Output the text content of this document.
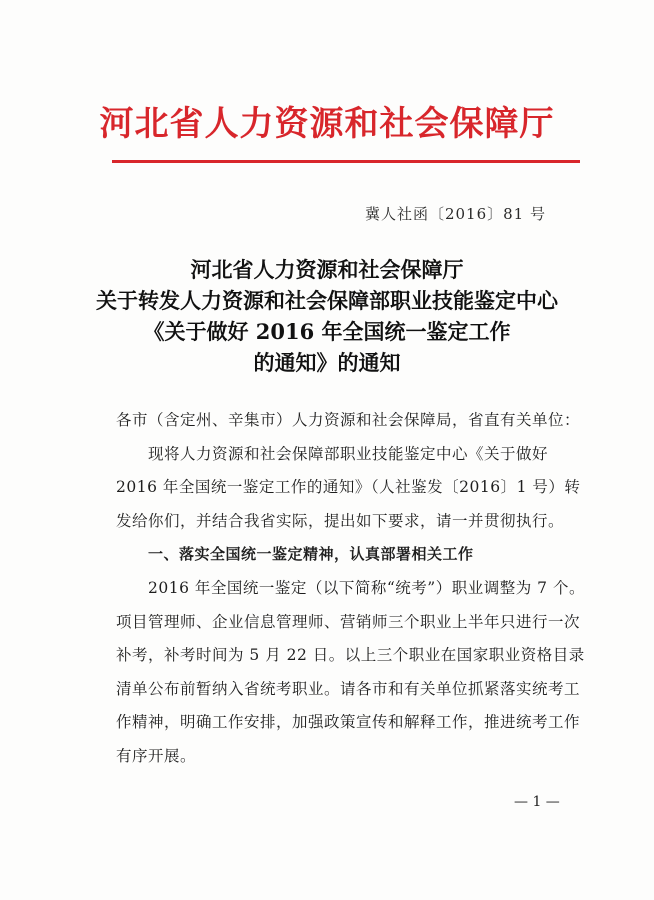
河北省人力资源和社会保障厅
冀人社函〔2016〕81 号
河北省人力资源和社会保障厅
关于转发人力资源和社会保障部职业技能鉴定中心
《关于做好 2016 年全国统一鉴定工作
的通知》的通知

各市（含定州、辛集市）人力资源和社会保障局，省直有关单位：

现将人力资源和社会保障部职业技能鉴定中心《关于做好 2016 年全国统一鉴定工作的通知》（人社鉴发〔2016〕1 号）转发给你们，并结合我省实际，提出如下要求，请一并贯彻执行。

一、落实全国统一鉴定精神，认真部署相关工作

2016 年全国统一鉴定（以下简称“统考”）职业调整为 7 个。项目管理师、企业信息管理师、营销师三个职业上半年只进行一次补考，补考时间为 5 月 22 日。以上三个职业在国家职业资格目录清单公布前暂纳入省统考职业。请各市和有关单位抓紧落实统考工作精神，明确工作安排，加强政策宣传和解释工作，推进统考工作有序开展。

— 1 —
